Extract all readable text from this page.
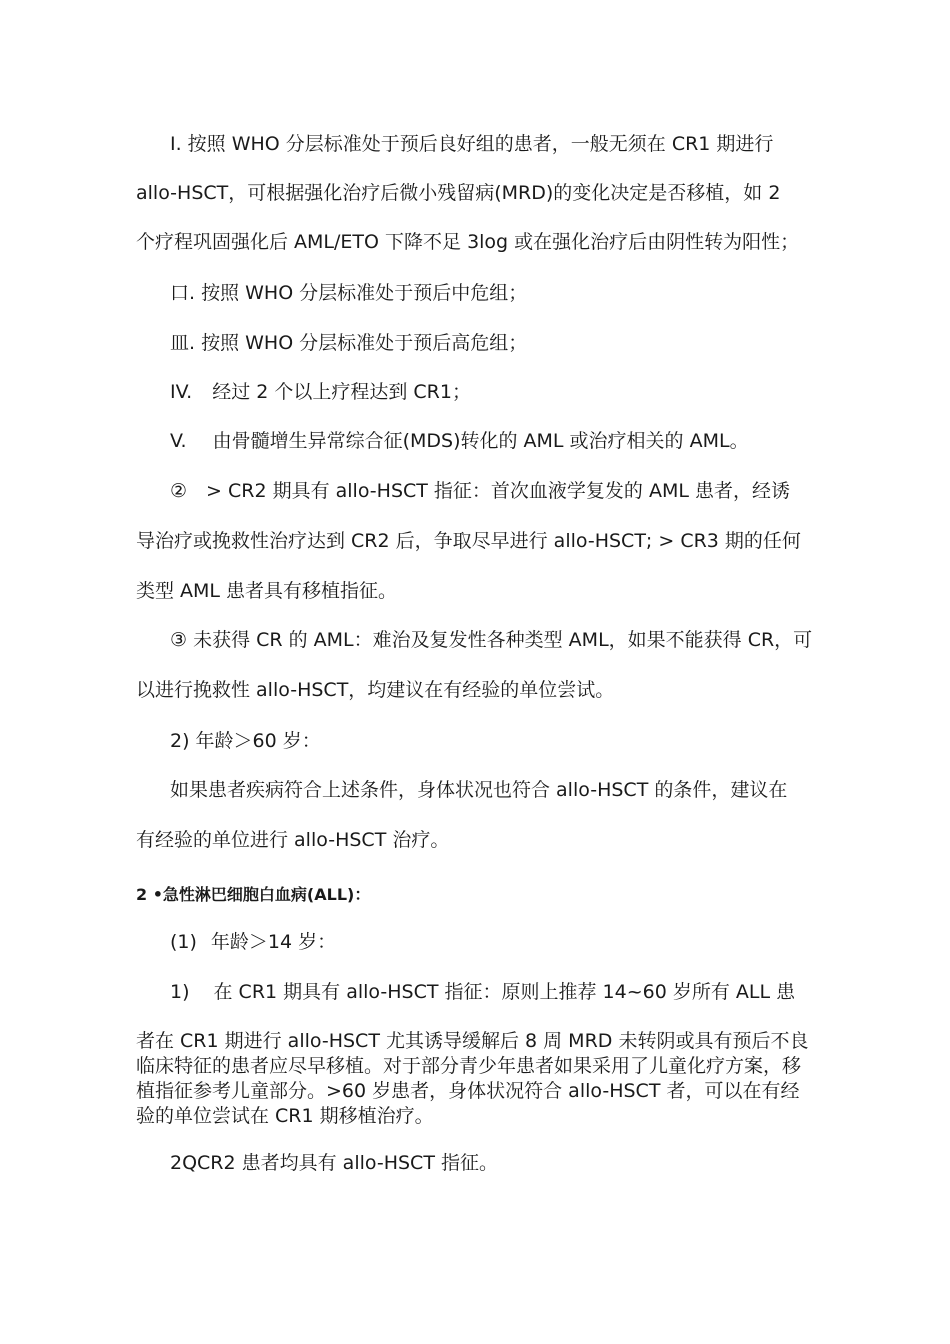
Ⅰ. 按照 WHO 分层标准处于预后良好组的患者，一般无须在 CR1 期进行
allo-HSCT，可根据强化治疗后微小残留病(MRD)的变化决定是否移植，如 2
个疗程巩固强化后 AML/ETO 下降不足 3log 或在强化治疗后由阴性转为阳性；
口. 按照 WHO 分层标准处于预后中危组；
皿. 按照 WHO 分层标准处于预后高危组；
IV. 经过 2 个以上疗程达到 CR1；
V. 由骨髓增生异常综合征(MDS)转化的 AML 或治疗相关的 AML。
②　> CR2 期具有 allo-HSCT 指征：首次血液学复发的 AML 患者，经诱
导治疗或挽救性治疗达到 CR2 后，争取尽早进行 allo-HSCT; > CR3 期的任何
类型 AML 患者具有移植指征。
③ 未获得 CR 的 AML：难治及复发性各种类型 AML，如果不能获得 CR，可
以进行挽救性 allo-HSCT，均建议在有经验的单位尝试。
2) 年龄＞60 岁：
如果患者疾病符合上述条件，身体状况也符合 allo-HSCT 的条件，建议在
有经验的单位进行 allo-HSCT 治疗。
2 •急性淋巴细胞白血病(ALL)：
(1) 年龄＞14 岁：
1) 在 CR1 期具有 allo-HSCT 指征：原则上推荐 14~60 岁所有 ALL 患
者在 CR1 期进行 allo-HSCT 尤其诱导缓解后 8 周 MRD 未转阴或具有预后不良
临床特征的患者应尽早移植。对于部分青少年患者如果采用了儿童化疗方案，移
植指征参考儿童部分。>60 岁患者，身体状况符合 allo-HSCT 者，可以在有经
验的单位尝试在 CR1 期移植治疗。
2QCR2 患者均具有 allo-HSCT 指征。
